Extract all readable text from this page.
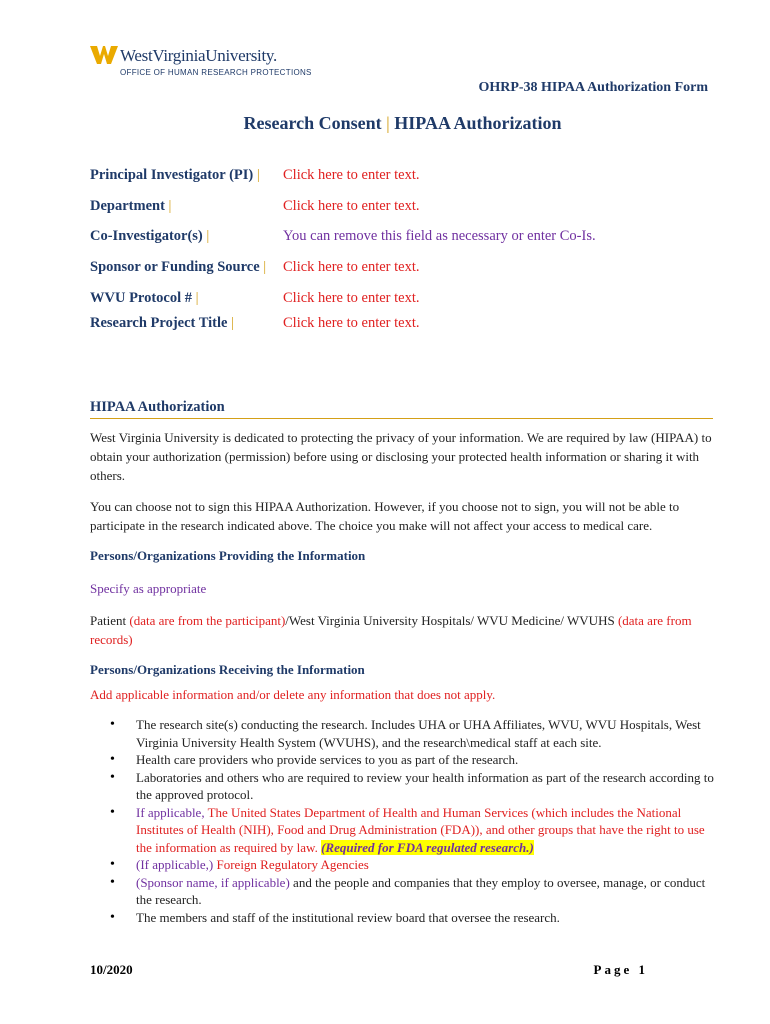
WestVirginiaUniversity.
OFFICE OF HUMAN RESEARCH PROTECTIONS
OHRP-38 HIPAA Authorization Form
Research Consent | HIPAA Authorization
Principal Investigator (PI) | Click here to enter text.
Department |	Click here to enter text.
Co-Investigator(s) |	You can remove this field as necessary or enter Co-Is.
Sponsor or Funding Source | Click here to enter text.
WVU Protocol # |	Click here to enter text.
Research Project Title |	Click here to enter text.
HIPAA Authorization
West Virginia University is dedicated to protecting the privacy of your information. We are required by law (HIPAA) to obtain your authorization (permission) before using or disclosing your protected health information or sharing it with others.
You can choose not to sign this HIPAA Authorization. However, if you choose not to sign, you will not be able to participate in the research indicated above. The choice you make will not affect your access to medical care.
Persons/Organizations Providing the Information
Specify as appropriate
Patient (data are from the participant)/West Virginia University Hospitals/ WVU Medicine/ WVUHS (data are from records)
Persons/Organizations Receiving the Information
Add applicable information and/or delete any information that does not apply.
• The research site(s) conducting the research. Includes UHA or UHA Affiliates, WVU, WVU Hospitals, West Virginia University Health System (WVUHS), and the research\medical staff at each site.
• Health care providers who provide services to you as part of the research.
• Laboratories and others who are required to review your health information as part of the research according to the approved protocol.
• If applicable, The United States Department of Health and Human Services (which includes the National Institutes of Health (NIH), Food and Drug Administration (FDA)), and other groups that have the right to use the information as required by law. (Required for FDA regulated research.)
• (If applicable,) Foreign Regulatory Agencies
• (Sponsor name, if applicable) and the people and companies that they employ to oversee, manage, or conduct the research.
• The members and staff of the institutional review board that oversee the research.
10/2020	Page 1
